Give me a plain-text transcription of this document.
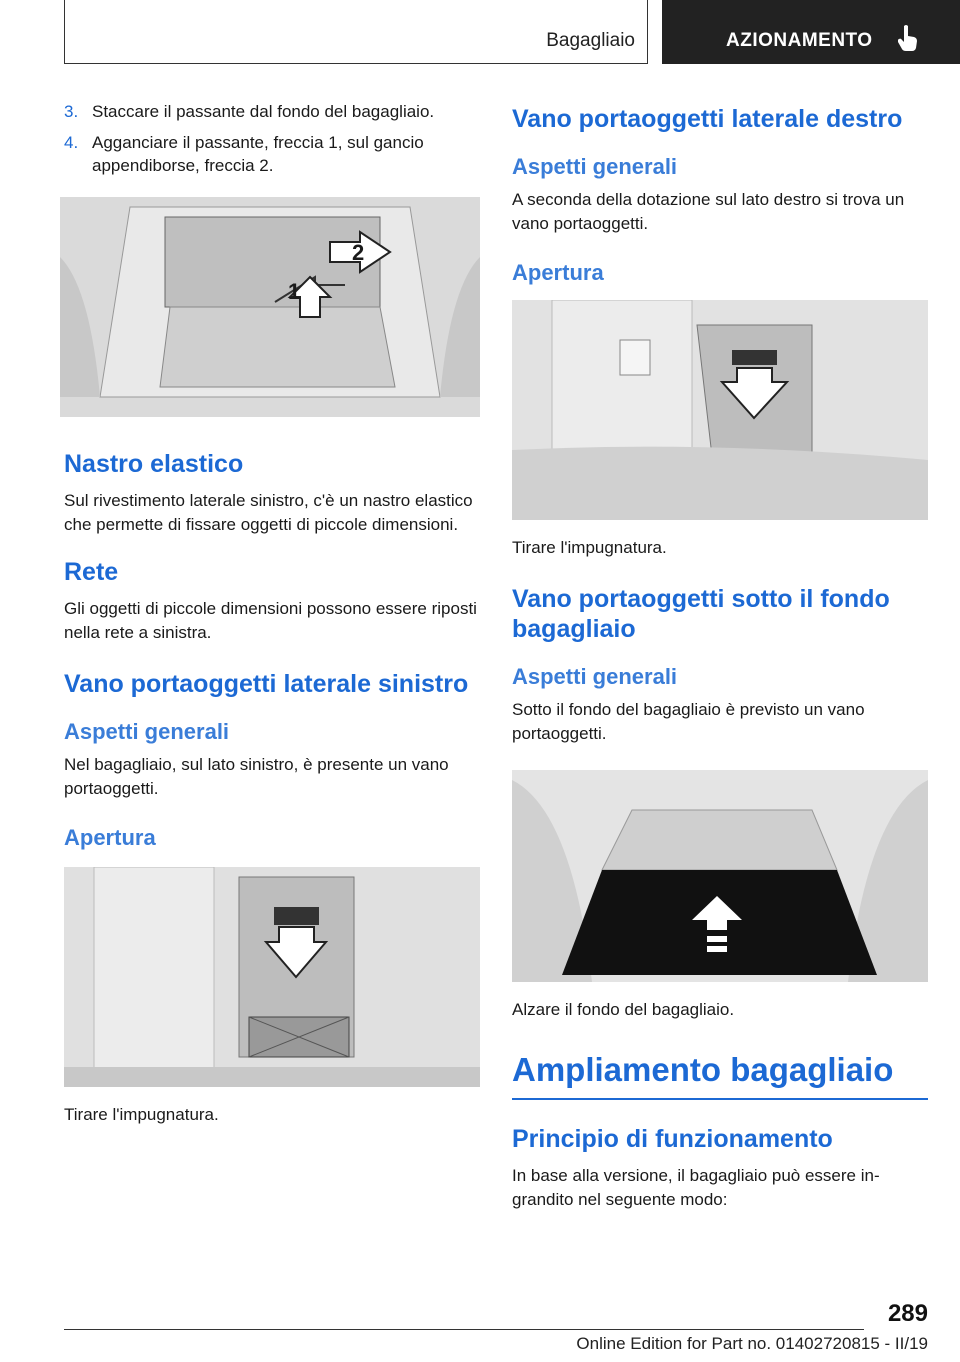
Bagagliaio	AZIONAMENTO
3. Staccare il passante dal fondo del bagagliaio.
4. Agganciare il passante, freccia 1, sul gancio appendiborse, freccia 2.
2
1
Nastro elastico

Sul rivestimento laterale sinistro, c'è un nastro elastico che permette di fissare oggetti di piccole dimensioni.

Rete

Gli oggetti di piccole dimensioni possono essere riposti nella rete a sinistra.

Vano portaoggetti laterale sinistro
Aspetti generali

Nel bagagliaio, sul lato sinistro, è presente un vano portaoggetti.

Apertura

Tirare l'impugnatura.

Vano portaoggetti laterale destro
Aspetti generali

A seconda della dotazione sul lato destro si trova un vano portaoggetti.

Apertura

Tirare l'impugnatura.

Vano portaoggetti sotto il fondo bagagliaio
Aspetti generali

Sotto il fondo del bagagliaio è previsto un vano portaoggetti.

Alzare il fondo del bagagliaio.

Ampliamento bagagliaio
Principio di funzionamento

In base alla versione, il bagagliaio può essere in-grandito nel seguente modo:

289
Online Edition for Part no. 01402720815 - II/19
